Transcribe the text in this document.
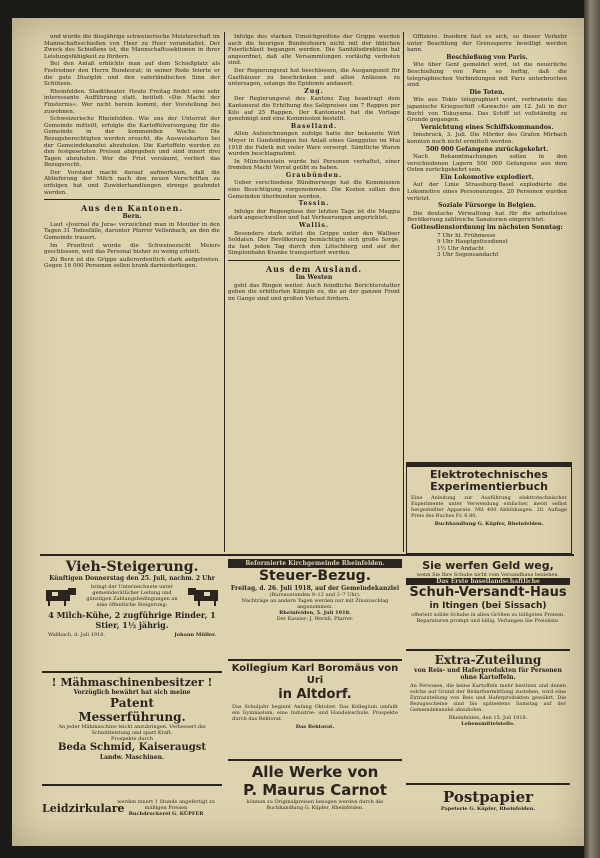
und wurde die diesjährige schweizerische Meisterschaft im Mannschaftsschießen von Heer zu Heer veranstaltet. Der Zweck des Schießens ist, die Mannschaftssektionen in ihrer Leistungsfähigkeit zu fördern.

Bei den Anlaß erblickte man auf dem Schießplatz als Festredner den Herrn Bundesrat; in seiner Rede feierte er die gute Disziplin und den vaterländischen Sinn der Schützen.

Rheinfelden. Stadttheater. Heute Freitag findet eine sehr interessante Aufführung statt, betitelt »Die Macht der Finsternis«. Wer nicht herein kommt, der Vorstellung bei zuwohnen.

Schweizerische Rheinfelden. Wie uns der Unterrat der Gemeinde mitteilt, erfolgte die Kartoffelversorgung für die Gemeinde in der kommenden Woche. Die Bezugsberechtigten werden ersucht, die Ausweiskarten bei der Gemeindekanzlei abzuholen. Die Kartoffeln werden zu den festgesetzten Preisen abgegeben und sind innert drei Tagen abzuholen. Wer die Frist versäumt, verliert das Bezugsrecht.

Der Vorstand macht darauf aufmerksam, daß die Ablieferung der Milch nach den neuen Vorschriften zu erfolgen hat und Zuwiderhandlungen strenge geahndet werden.

Aus den Kantonen.

Bern.

Laut »Journal du Jura« verzeichnet man in Moutier in den Tagen 31 Todesfälle, darunter Pfarrer Vellenbach, an den die Gemeinde trauert.

Im Prunttrut wurde die Schweinezucht Meiers geschlossen, weil das Personal bisher zu wenig erhielt.

Zu Bern ist die Grippe außerordentlich stark aufgetreten. Gegen 16 000 Personen sollen krank darniederliegen.

Infolge des starken Umsichgreifens der Grippe werden auch die heurigen Bundesfeiern nicht mit der üblichen Feierlichkeit begangen werden. Die Sanitätsdirektion hat angeordnet, daß alle Versammlungen vorläufig verboten sind.

Der Regierungsrat hat beschlossen, die Ausgangszeit für Gasthäuser zu beschränken und allen Anlässen zu untersagen, solange die Epidemie andauert.

Zug.

Der Regierungsrat des Kantons Zug beantragt dem Kantonsrat die Erhöhung des Salzpreises um 7 Rappen per Kilo auf 25 Rappen. Der Kantonsrat hat die Vorlage genehmigt und eine Kommission bestellt.

Baselland.

Allen Aufzeichnungen zufolge hatte der bekannte Wirt Meyer in Gundeldingen bei Anlaß eines Ganggutes im Mai 1918 die Fabrik mit vieler Ware versorgt. Sämtliche Waren wurden beschlagnahmt.

In Münchenstein wurde bei Personen verhaftet, einer fremden Macht Verrat geübt zu haben.

Graubünden.

Ueber verschiedene Bündnerwege hat die Kommission eine Besichtigung vorgenommen. Die Kosten sollen den Gemeinden überbunden werden.

Tessin.

Infolge der Regengüsse der letzten Tage ist die Maggia stark angeschwollen und hat Verheerungen angerichtet.

Wallis.

Besonders stark wütet die Grippe unter den Walliser Soldaten. Der Bevölkerung bemächtigte sich große Sorge, da fast jeden Tag durch den Lötschberg und auf der Simplonbahn Kranke transportiert werden.

Aus dem Ausland.

Im Westen

geht das Ringen weiter. Auch feindliche Berichterstatter geben die erbitterten Kämpfe zu, die an der ganzen Front im Gange sind und großen Verlust fordern.

Offiziere. Insofern fast es sich, so dieser Verkehr unter Beachtung der Grenzsperre bewilligt werden kann.

Beschießung von Paris.

Wie über Genf gemeldet wird, ist die neuerliche Beschießung von Paris so heftig, daß die telegraphischen Verbindungen mit Paris unterbrochen sind.

Die Toten.

Wie aus Tokio telegraphiert wird, verbrannte das japanische Kriegsschiff »Kawachi« am 12. Juli in der Bucht von Tokuyama. Das Schiff ist vollständig zu Grunde gegangen.

Vernichtung eines Schiffskommandos.

Innsbruck, 3. Juli. Die Mörder des Grafen Mirbach konnten noch nicht ermittelt werden.

500 000 Gefangene zurückgekehrt.

Nach Bekanntmachungen sollen in den verschiedenen Lagern 500 000 Gefangene aus dem Osten zurückgekehrt sein.

Ein Lokomotive explodiert.

Auf der Linie Strassburg-Basel explodierte die Lokomotive eines Personenzuges. 20 Personen wurden verletzt.

Soziale Fürsorge in Belgien.

Die deutsche Verwaltung hat für die arbeitslose Bevölkerung zahlreiche Sanatorien eingerichtet.

Gottesdienstordnung im nächsten Sonntag:

7 Uhr hl. Frühmesse
9 Uhr Hauptgottesdienst
1½ Uhr Andacht
3 Uhr Segensandacht
Elektrotechnisches
Experimentierbuch
Eine Anleitung zur Ausführung elektrotechnischer Experimente unter Verwendung einfacher, meist selbst hergestellter Apparate. Mit 400 Abbildungen. 20. Auflage Preis des Buches Fr. 6.80.
Buchhandlung G. Küpfer, Rheinfelden.
Vieh-Steigerung.
Künftigen Donnerstag den 25. Juli, nachm. 2 Uhr
bringt der Unterzeichnete unter gemeinderätlicher Leitung und günstigen Zahlungsbedingungen an eine öffentliche Steigerung:
4 Milch-Kühe, 2 zugführige Rinder, 1 Stier, 1½ jährig.
Wallbach, d. Juli 1918.	Johann Müller.
! Mähmaschinenbesitzer !
Vorzüglich bewährt hat sich meine
Patent
Messerführung.
An jeder Mähmaschine leicht anzubringen. Verbessert die Schnittleistung und spart Kraft.
Prospekte durch
Beda Schmid, Kaiseraugst
Landw. Maschinen.
Leidzirkulare
werden innert 1 Stunde angefertigt zu mäßigen Preisen
Buchdruckerei G. KÜPFER
Reformierte Kirchgemeinde Rheinfelden.
Steuer-Bezug.
Freitag, d. 26. Juli 1918, auf der Gemeindekanzlei
(Bureaustunden 8–12 und 2–7 Uhr).
Nachträge an andern Tagen werden nur mit Zinszuschlag angenommen.
Rheinfelden, 5. Juli 1918.
Der Kassier: J. Wernli, Pfarrer.
Kollegium Karl Boromäus von Uri
in Altdorf.
Das Schuljahr beginnt Anfang Oktober. Das Kollegium umfaßt ein Gymnasium, eine Industrie- und Handelsschule. Prospekte durch das Rektorat.
Das Rektorat.
Alle Werke von
P. Maurus Carnot
können zu Originalpreisen bezogen werden durch die Buchhandlung G. Küpfer, Rheinfelden.
Sie werfen Geld weg,
wenn Sie Ihre Schuhe nicht vom Versandhaus beziehen.
Das Erste basellandschaftliche
Schuh-Versandt-Haus
in Itingen (bei Sissach)
offeriert solide Schuhe in allen Größen zu billigsten Preisen. Reparaturen prompt und billig. Verlangen Sie Preisliste.
Extra-Zuteilung
von Reis- und Haferprodukten für Personen ohne Kartoffeln.
An Personen, die keine Kartoffeln mehr besitzen und denen solche auf Grund der Bedarfsermittlung zustehen, wird eine Extrazuteilung von Reis und Haferprodukten gewährt. Die Bezugsscheine sind bis spätestens Samstag auf der Gemeindekanzlei abzuholen.
Rheinfelden, den 15. Juli 1918.
Lebensmittelstelle.
Postpapier
Papeterie G. Küpfer, Rheinfelden.
